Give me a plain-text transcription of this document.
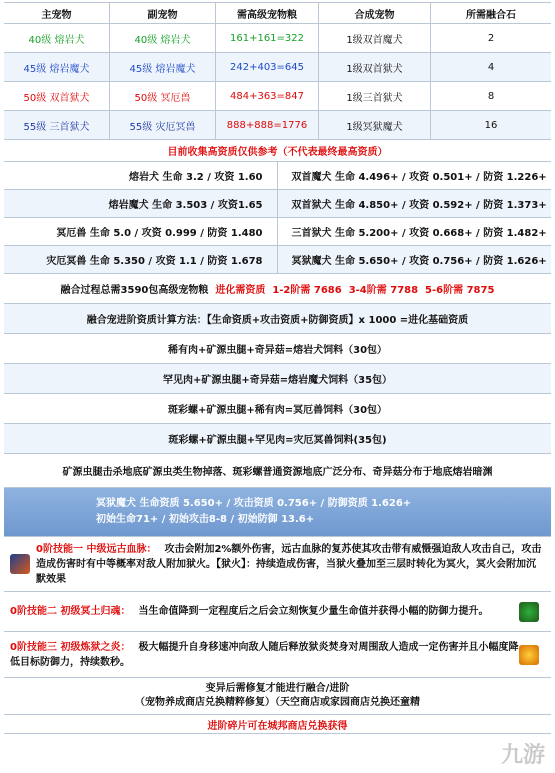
主宠物	副宠物	需高级宠物粮	合成宠物	所需融合石
40级 熔岩犬	40级 熔岩犬	161+161=322	1级双首魔犬	2
45级 熔岩魔犬	45级 熔岩魔犬	242+403=645	1级双首狱犬	4
50级 双首狱犬	50级 冥厄兽	484+363=847	1级三首狱犬	8
55级 三首狱犬	55级 灾厄冥兽	888+888=1776	1级冥狱魔犬	16
目前收集高资质仅供参考（不代表最终最高资质）
熔岩犬 生命 3.2 / 攻资 1.60	双首魔犬 生命 4.496+ / 攻资 0.501+ / 防资 1.226+
熔岩魔犬 生命 3.503 / 攻资1.65	双首狱犬 生命 4.850+ / 攻资 0.592+ / 防资 1.373+
冥厄兽 生命 5.0 / 攻资 0.999 / 防资 1.480	三首狱犬 生命 5.200+ / 攻资 0.668+ / 防资 1.482+
灾厄冥兽 生命 5.350 / 攻资 1.1 / 防资 1.678	冥狱魔犬 生命 5.650+ / 攻资 0.756+ / 防资 1.626+
融合过程总需3590包高级宠物粮
进化需资质
1-2阶需 7686
3-4阶需 7788
5-6阶需 7875
融合宠进阶资质计算方法：【生命资质+攻击资质+防御资质】x 1000 =进化基础资质
稀有肉+矿源虫腿+奇异菇=熔岩犬饲料（30包）
罕见肉+矿源虫腿+奇异菇=熔岩魔犬饲料（35包）
斑彩螺+矿源虫腿+稀有肉=冥厄兽饲料（30包）
斑彩螺+矿源虫腿+罕见肉=灾厄冥兽饲料(35包)
矿源虫腿击杀地底矿源虫类生物掉落、斑彩螺普通资源地底广泛分布、奇异菇分布于地底熔岩暗渊
冥狱魔犬 生命资质 5.650+ / 攻击资质 0.756+ / 防御资质 1.626+
初始生命71+ / 初始攻击8-8 / 初始防御 13.6+
0阶技能一 中级远古血脉： 攻击会附加2%额外伤害，远古血脉的复苏使其攻击带有威慑强迫敌人攻击自己，攻击造成伤害时有中等概率对敌人附加狱火。【狱火】：持续造成伤害，当狱火叠加至三层时转化为冥火，冥火会附加沉默效果
0阶技能二 初级冥土归魂： 当生命值降到一定程度后之后会立刻恢复少量生命值并获得小幅的防御力提升。
0阶技能三 初级炼狱之炎： 极大幅提升自身移速冲向敌人随后释放狱炎焚身对周围敌人造成一定伤害并且小幅度降低目标防御力，持续数秒。
变异后需修复才能进行融合/进阶
（宠物养成商店兑换精粹修复）（天空商店或家园商店兑换还童精
进阶碎片可在城邦商店兑换获得
九游
